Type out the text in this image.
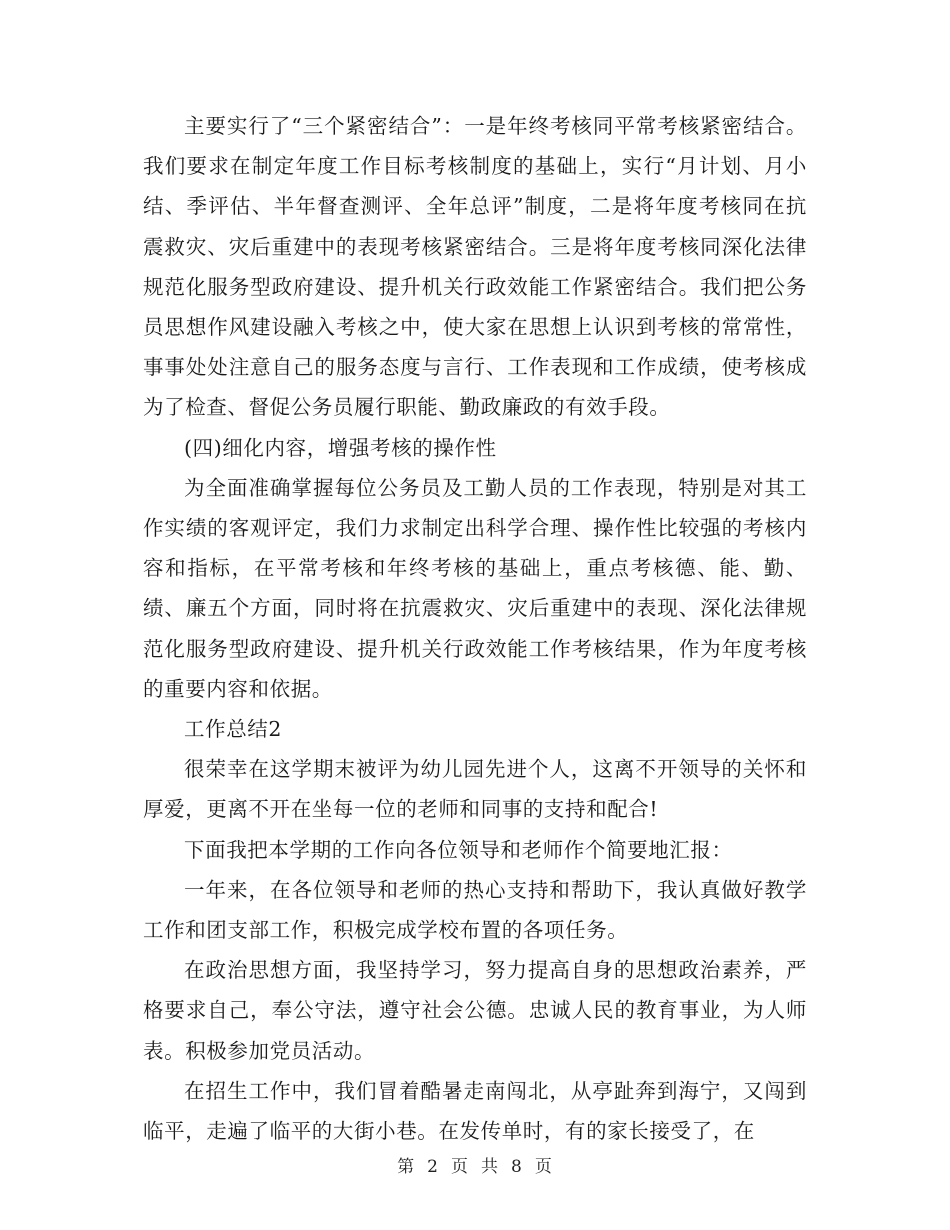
主要实行了“三个紧密结合”：一是年终考核同平常考核紧密结合。我们要求在制定年度工作目标考核制度的基础上，实行“月计划、月小结、季评估、半年督查测评、全年总评”制度，二是将年度考核同在抗震救灾、灾后重建中的表现考核紧密结合。三是将年度考核同深化法律规范化服务型政府建设、提升机关行政效能工作紧密结合。我们把公务员思想作风建设融入考核之中，使大家在思想上认识到考核的常常性，事事处处注意自己的服务态度与言行、工作表现和工作成绩，使考核成为了检查、督促公务员履行职能、勤政廉政的有效手段。

(四)细化内容，增强考核的操作性

为全面准确掌握每位公务员及工勤人员的工作表现，特别是对其工作实绩的客观评定，我们力求制定出科学合理、操作性比较强的考核内容和指标，在平常考核和年终考核的基础上，重点考核德、能、勤、绩、廉五个方面，同时将在抗震救灾、灾后重建中的表现、深化法律规范化服务型政府建设、提升机关行政效能工作考核结果，作为年度考核的重要内容和依据。

工作总结2

很荣幸在这学期末被评为幼儿园先进个人，这离不开领导的关怀和厚爱，更离不开在坐每一位的老师和同事的支持和配合!

下面我把本学期的工作向各位领导和老师作个简要地汇报：

一年来，在各位领导和老师的热心支持和帮助下，我认真做好教学工作和团支部工作，积极完成学校布置的各项任务。

在政治思想方面，我坚持学习，努力提高自身的思想政治素养，严格要求自己，奉公守法，遵守社会公德。忠诚人民的教育事业，为人师表。积极参加党员活动。

在招生工作中，我们冒着酷暑走南闯北，从亭趾奔到海宁，又闯到临平，走遍了临平的大街小巷。在发传单时，有的家长接受了，在

第 2 页 共 8 页
